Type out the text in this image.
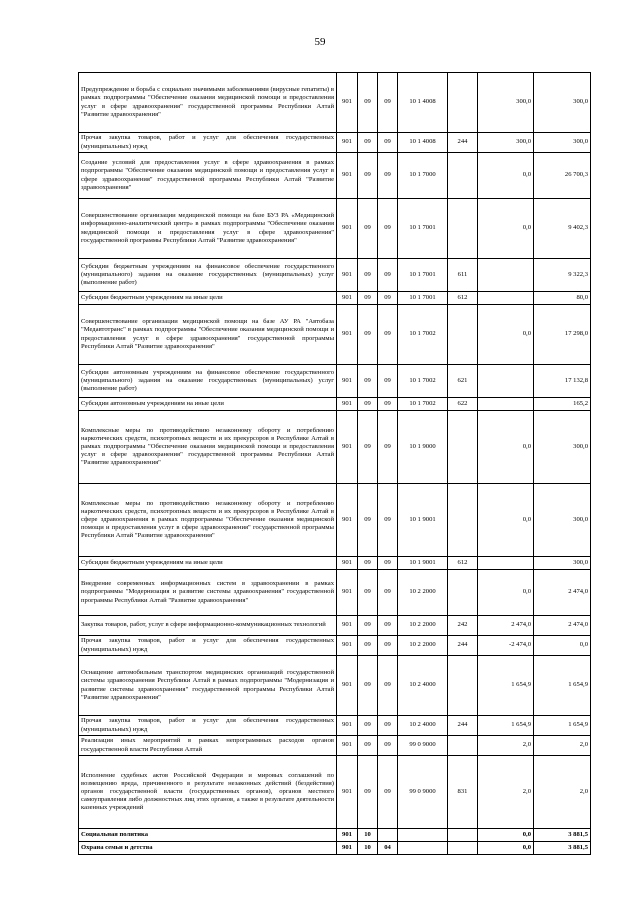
59
Предупреждение и борьба с социально значимыми заболеваниями (вирусные гепатиты) в рамках подпрограммы "Обеспечение оказания медицинской помощи и предоставления услуг в сфере здравоохранения" государственной программы Республики Алтай "Развитие здравоохранения"	901	09	09	10 1 4008		300,0	300,0
Прочая закупка товаров, работ и услуг для обеспечения государственных (муниципальных) нужд	901	09	09	10 1 4008	244	300,0	300,0
Создание условий для предоставления услуг в сфере здравоохранения в рамках подпрограммы "Обеспечение оказания медицинской помощи и предоставления услуг в сфере здравоохранения" государственной программы Республики Алтай "Развитие здравоохранения"	901	09	09	10 1 7000		0,0	26 700,3
Совершенствование организации медицинской помощи на базе БУЗ РА «Медицинский информационно-аналитический центр» в рамках подпрограммы "Обеспечение оказания медицинской помощи и предоставления услуг в сфере здравоохранения" государственной программы Республики Алтай "Развитие здравоохранения"	901	09	09	10 1 7001		0,0	9 402,3
Субсидии бюджетным учреждениям на финансовое обеспечение государственного (муниципального) задания на оказание государственных (муниципальных) услуг (выполнение работ)	901	09	09	10 1 7001	611		9 322,3
Субсидии бюджетным учреждениям на иные цели	901	09	09	10 1 7001	612		80,0
Совершенствование организации медицинской помощи на базе АУ РА "Автобаза "Медавтотранс" в рамках подпрограммы "Обеспечение оказания медицинской помощи и предоставления услуг в сфере здравоохранения" государственной программы Республики Алтай "Развитие здравоохранения"	901	09	09	10 1 7002		0,0	17 298,0
Субсидии автономным учреждениям на финансовое обеспечение государственного (муниципального) задания на оказание государственных (муниципальных) услуг (выполнение работ)	901	09	09	10 1 7002	621		17 132,8
Субсидии автономным учреждениям на иные цели	901	09	09	10 1 7002	622		165,2
Комплексные меры по противодействию незаконному обороту и потреблению наркотических средств, психотропных веществ и их прекурсоров в Республике Алтай в рамках подпрограммы "Обеспечение оказания медицинской помощи и предоставления услуг в сфере здравоохранения" государственной программы Республики Алтай "Развитие здравоохранения"	901	09	09	10 1 9000		0,0	300,0
Комплексные меры по противодействию незаконному обороту и потреблению наркотических средств, психотропных веществ и их прекурсоров в Республике Алтай в сфере здравоохранения в рамках подпрограммы "Обеспечение оказания медицинской помощи и предоставления услуг в сфере здравоохранения" государственной программы Республики Алтай "Развитие здравоохранения"	901	09	09	10 1 9001		0,0	300,0
Субсидии бюджетным учреждениям на иные цели	901	09	09	10 1 9001	612		300,0
Внедрение современных информационных систем в здравоохранении в рамках подпрограммы "Модернизация и развитие системы здравоохранения" государственной программы Республики Алтай "Развитие здравоохранения"	901	09	09	10 2 2000		0,0	2 474,0
Закупка товаров, работ, услуг в сфере информационно-коммуникационных технологий	901	09	09	10 2 2000	242	2 474,0	2 474,0
Прочая закупка товаров, работ и услуг для обеспечения государственных (муниципальных) нужд	901	09	09	10 2 2000	244	-2 474,0	0,0
Оснащение автомобильным транспортом медицинских организаций государственной системы здравоохранения Республики Алтай в рамках подпрограммы "Модернизация и развитие системы здравоохранения" государственной программы Республики Алтай "Развитие здравоохранения"	901	09	09	10 2 4000		1 654,9	1 654,9
Прочая закупка товаров, работ и услуг для обеспечения государственных (муниципальных) нужд	901	09	09	10 2 4000	244	1 654,9	1 654,9
Реализация иных мероприятий в рамках непрограммных расходов органов государственной власти Республики Алтай	901	09	09	99 0 9000		2,0	2,0
Исполнение судебных актов Российской Федерации и мировых соглашений по возмещению вреда, причиненного в результате незаконных действий (бездействия) органов государственной власти (государственных органов), органов местного самоуправления либо должностных лиц этих органов, а также в результате деятельности казенных учреждений	901	09	09	99 0 9000	831	2,0	2,0
Социальная политика	901	10				0,0	3 881,5
Охрана семьи и детства	901	10	04			0,0	3 881,5
